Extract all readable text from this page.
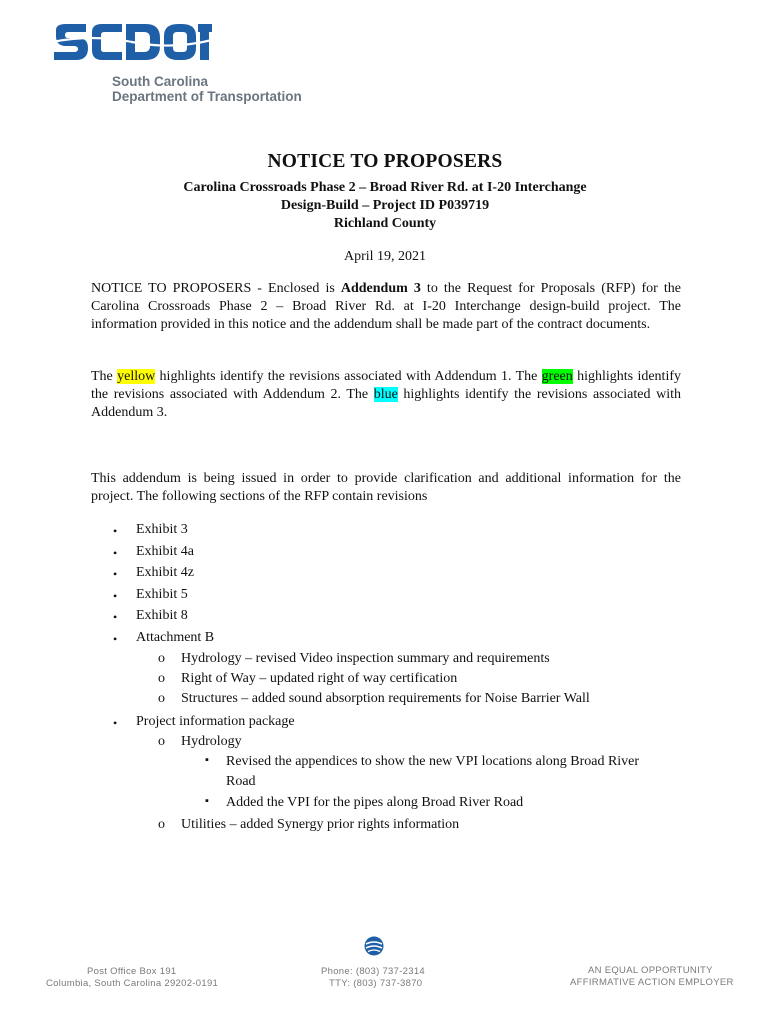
South Carolina
Department of Transportation
NOTICE TO PROPOSERS
Carolina Crossroads Phase 2 – Broad River Rd. at I-20 Interchange
Design-Build – Project ID P039719
Richland County
April 19, 2021
NOTICE TO PROPOSERS - Enclosed is Addendum 3 to the Request for Proposals (RFP) for the Carolina Crossroads Phase 2 – Broad River Rd. at I-20 Interchange design-build project. The information provided in this notice and the addendum shall be made part of the contract documents.
The yellow highlights identify the revisions associated with Addendum 1. The green highlights identify the revisions associated with Addendum 2. The blue highlights identify the revisions associated with Addendum 3.
This addendum is being issued in order to provide clarification and additional information for the project. The following sections of the RFP contain revisions
• Exhibit 3
• Exhibit 4a
• Exhibit 4z
• Exhibit 5
• Exhibit 8
• Attachment B
o Hydrology – revised Video inspection summary and requirements
o Right of Way – updated right of way certification
o Structures – added sound absorption requirements for Noise Barrier Wall
• Project information package
o Hydrology
▪ Revised the appendices to show the new VPI locations along Broad River
Road
▪ Added the VPI for the pipes along Broad River Road
o Utilities – added Synergy prior rights information
Post Office Box 191
Columbia, South Carolina 29202-0191
Phone: (803) 737-2314
TTY: (803) 737-3870
AN EQUAL OPPORTUNITY
AFFIRMATIVE ACTION EMPLOYER
